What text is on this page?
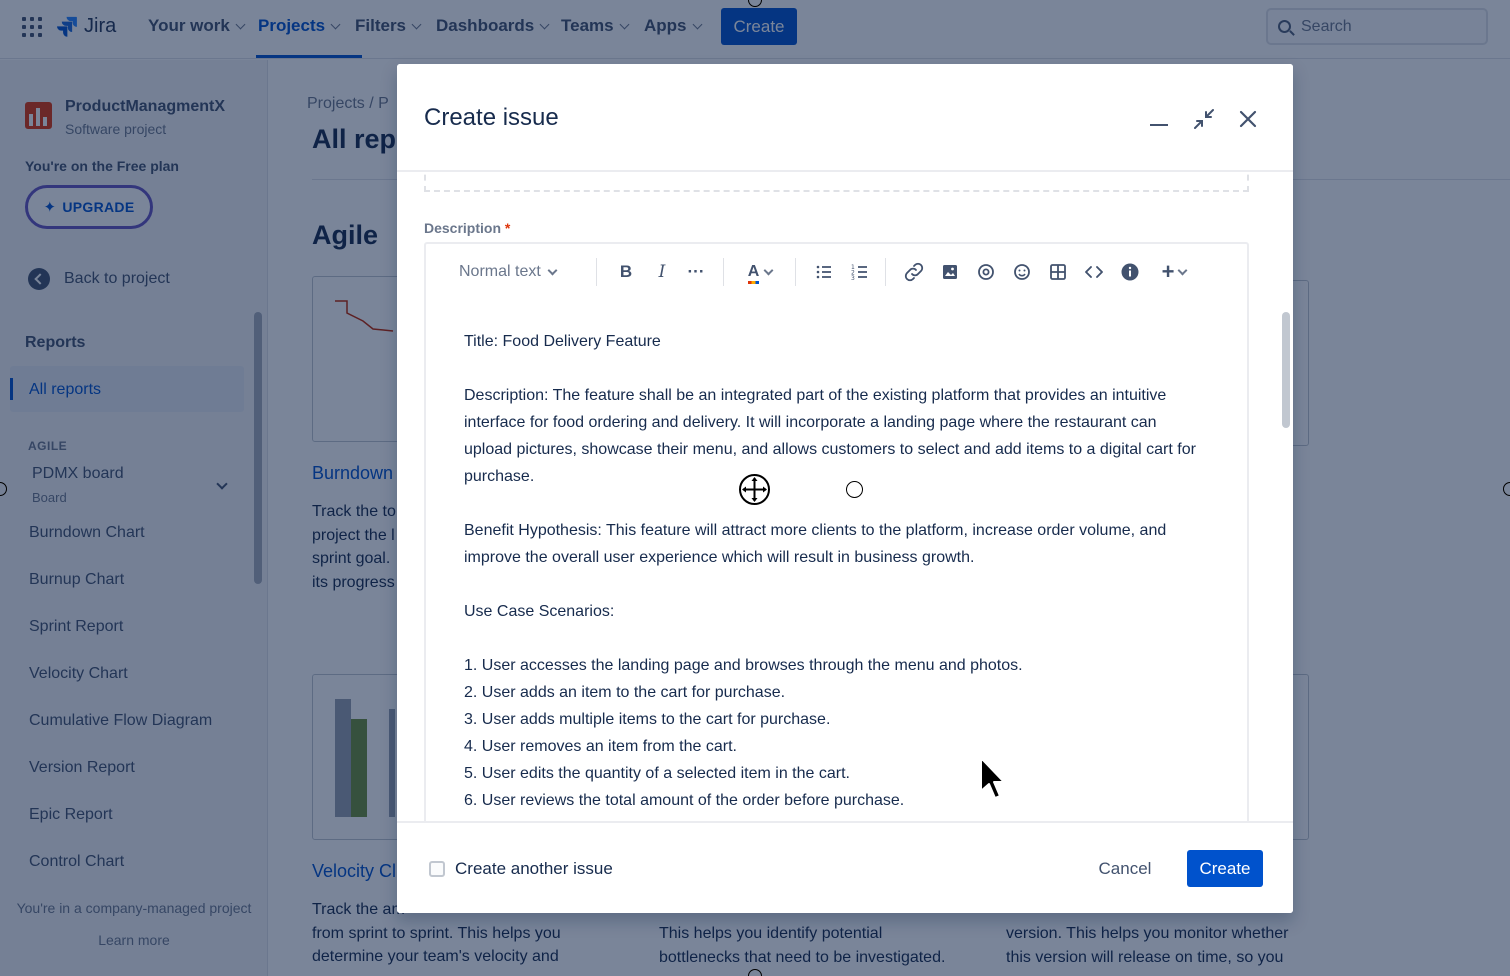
Create issue
Description *
Normal text	B	I	···	A	1
2
3	+

Title: Food Delivery Feature

Description: The feature shall be an integrated part of the existing platform that provides an intuitive

interface for food ordering and delivery. It will incorporate a landing page where the restaurant can

upload pictures, showcase their menu, and allows customers to select and add items to a digital cart for

purchase.

Benefit Hypothesis: This feature will attract more clients to the platform, increase order volume, and

improve the overall user experience which will result in business growth.

Use Case Scenarios:

1. User accesses the landing page and browses through the menu and photos.

2. User adds an item to the cart for purchase.

3. User adds multiple items to the cart for purchase.

4. User removes an item from the cart.

5. User edits the quantity of a selected item in the cart.

6. User reviews the total amount of the order before purchase.

Create another issue	Cancel	Create
